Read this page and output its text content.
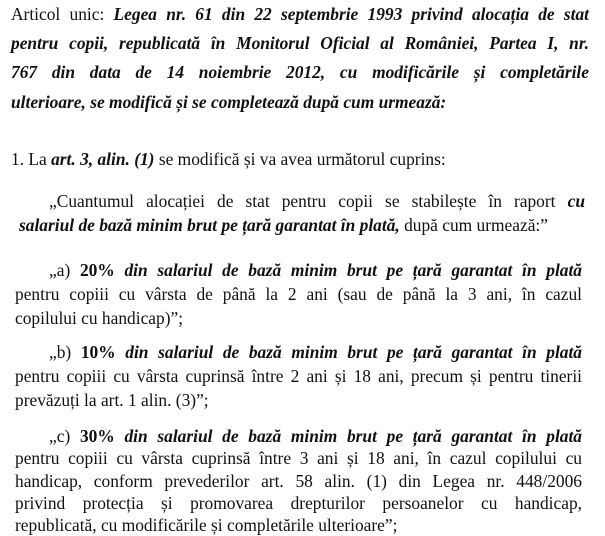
Articol unic: Legea nr. 61 din 22 septembrie 1993 privind alocația de stat
pentru copii, republicată în Monitorul Oficial al României, Partea I, nr.
767 din data de 14 noiembrie 2012, cu modificările și completările
ulterioare, se modifică și se completează după cum urmează:
1. La art. 3, alin. (1) se modifică și va avea următorul cuprins:
„Cuantumul alocației de stat pentru copii se stabilește în raport cu
salariul de bază minim brut pe țară garantat în plată, după cum urmează:”
„a) 20% din salariul de bază minim brut pe țară garantat în plată
pentru copiii cu vârsta de până la 2 ani (sau de până la 3 ani, în cazul
copilului cu handicap)”;
„b) 10% din salariul de bază minim brut pe țară garantat în plată
pentru copiii cu vârsta cuprinsă între 2 ani și 18 ani, precum și pentru tinerii
prevăzuți la art. 1 alin. (3)”;
„c) 30% din salariul de bază minim brut pe țară garantat în plată
pentru copiii cu vârsta cuprinsă între 3 ani și 18 ani, în cazul copilului cu
handicap, conform prevederilor art. 58 alin. (1) din Legea nr. 448/2006
privind protecția și promovarea drepturilor persoanelor cu handicap,
republicată, cu modificările și completările ulterioare”;
